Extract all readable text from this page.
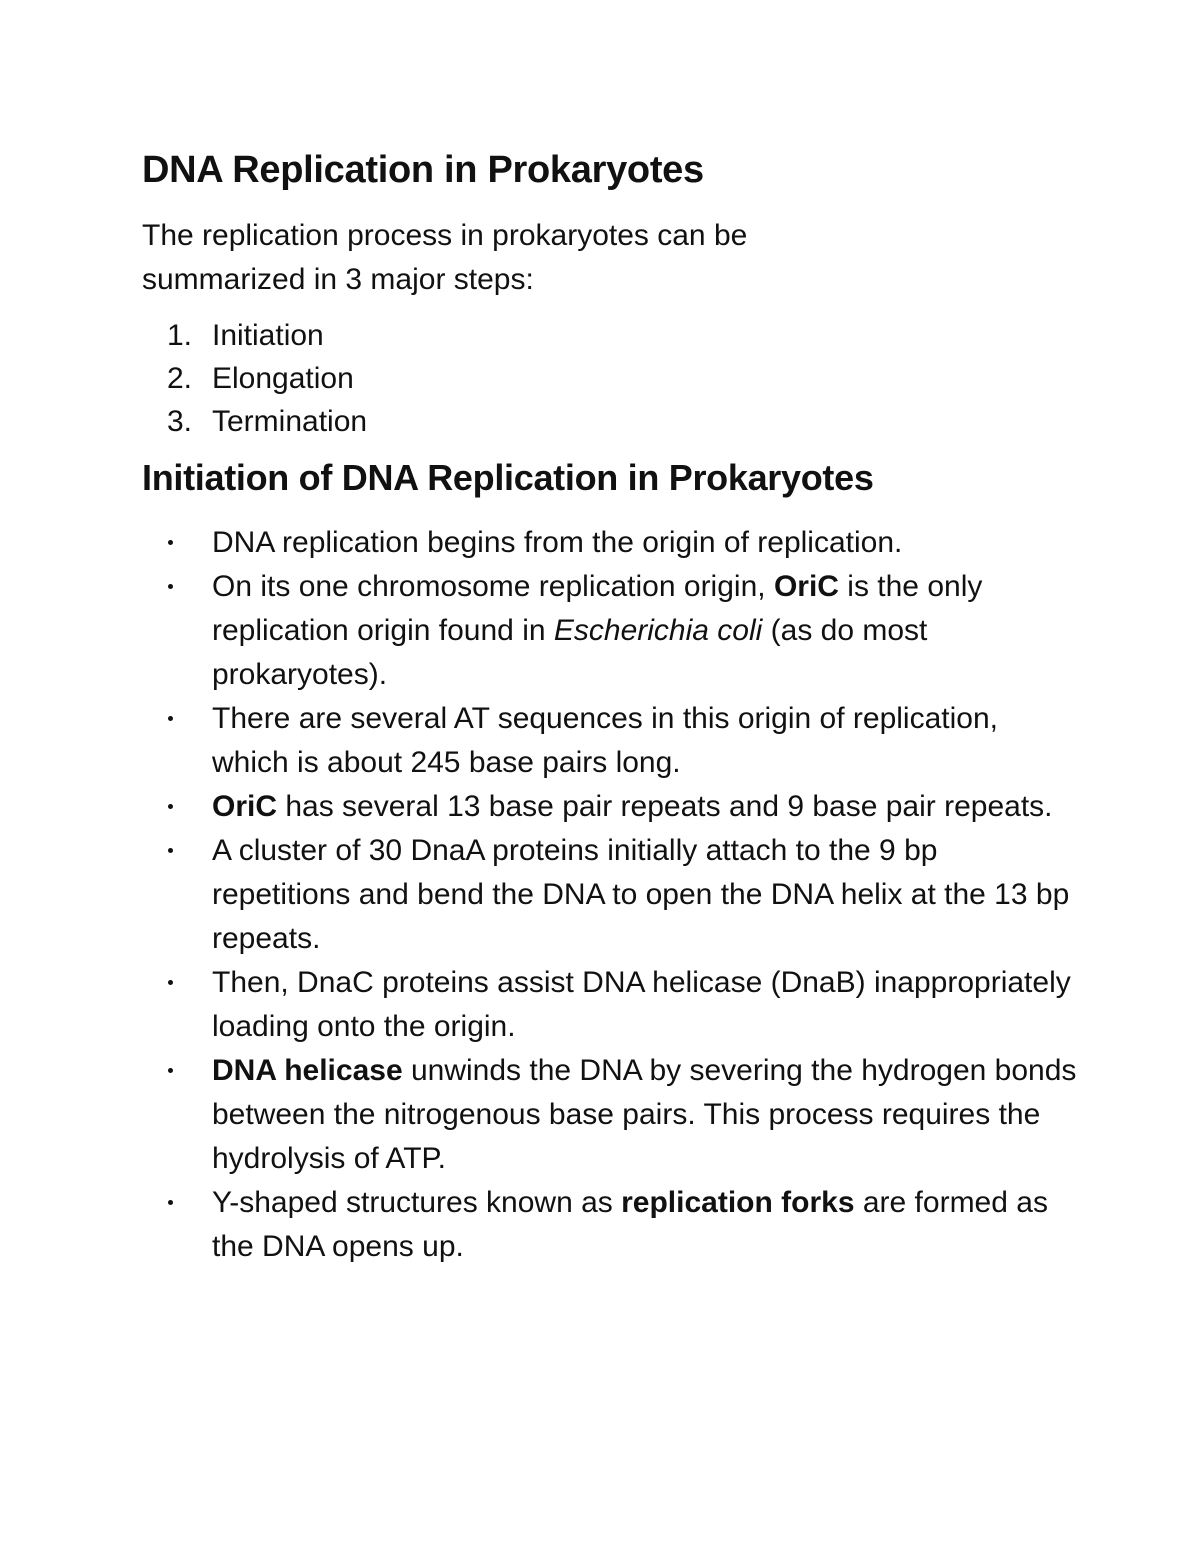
DNA Replication in Prokaryotes

The replication process in prokaryotes can be summarized in 3 major steps:

1. Initiation
2. Elongation
3. Termination
Initiation of DNA Replication in Prokaryotes
DNA replication begins from the origin of replication.
On its one chromosome replication origin, OriC is the only replication origin found in Escherichia coli (as do most prokaryotes).
There are several AT sequences in this origin of replication, which is about 245 base pairs long.
OriC has several 13 base pair repeats and 9 base pair repeats.
A cluster of 30 DnaA proteins initially attach to the 9 bp repetitions and bend the DNA to open the DNA helix at the 13 bp repeats.
Then, DnaC proteins assist DNA helicase (DnaB) inappropriately loading onto the origin.
DNA helicase unwinds the DNA by severing the hydrogen bonds between the nitrogenous base pairs. This process requires the hydrolysis of ATP.
Y-shaped structures known as replication forks are formed as the DNA opens up.
